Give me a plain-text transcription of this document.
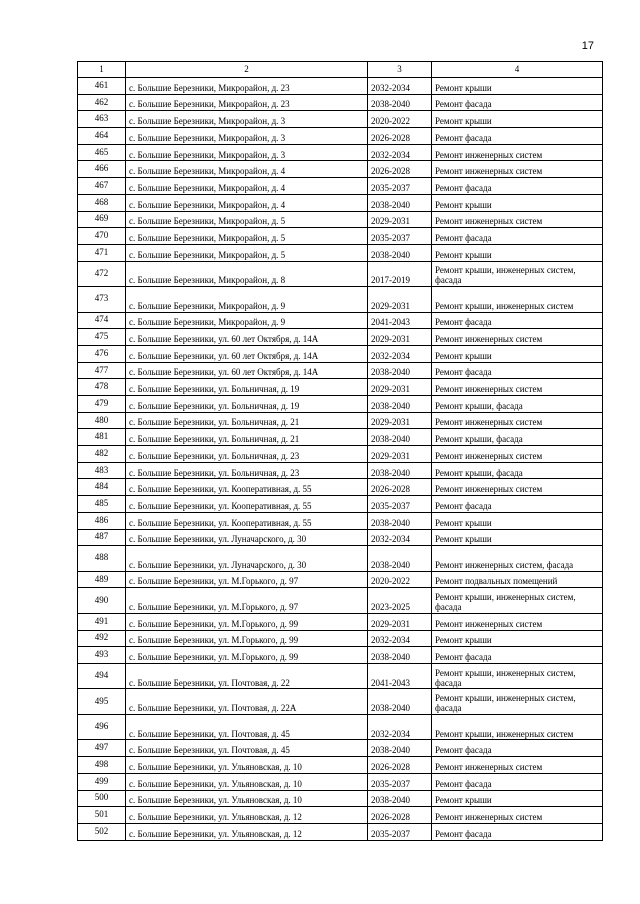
17
1	2	3	4
461	с. Большие Березники, Микрорайон, д. 23	2032-2034	Ремонт крыши
462	с. Большие Березники, Микрорайон, д. 23	2038-2040	Ремонт фасада
463	с. Большие Березники, Микрорайон, д. 3	2020-2022	Ремонт крыши
464	с. Большие Березники, Микрорайон, д. 3	2026-2028	Ремонт фасада
465	с. Большие Березники, Микрорайон, д. 3	2032-2034	Ремонт инженерных систем
466	с. Большие Березники, Микрорайон, д. 4	2026-2028	Ремонт инженерных систем
467	с. Большие Березники, Микрорайон, д. 4	2035-2037	Ремонт фасада
468	с. Большие Березники, Микрорайон, д. 4	2038-2040	Ремонт крыши
469	с. Большие Березники, Микрорайон, д. 5	2029-2031	Ремонт инженерных систем
470	с. Большие Березники, Микрорайон, д. 5	2035-2037	Ремонт фасада
471	с. Большие Березники, Микрорайон, д. 5	2038-2040	Ремонт крыши
472	с. Большие Березники, Микрорайон, д. 8	2017-2019	Ремонт крыши, инженерных систем, фасада
473	с. Большие Березники, Микрорайон, д. 9	2029-2031	Ремонт крыши, инженерных систем
474	с. Большие Березники, Микрорайон, д. 9	2041-2043	Ремонт фасада
475	с. Большие Березники, ул. 60 лет Октября, д. 14А	2029-2031	Ремонт инженерных систем
476	с. Большие Березники, ул. 60 лет Октября, д. 14А	2032-2034	Ремонт крыши
477	с. Большие Березники, ул. 60 лет Октября, д. 14А	2038-2040	Ремонт фасада
478	с. Большие Березники, ул. Больничная, д. 19	2029-2031	Ремонт инженерных систем
479	с. Большие Березники, ул. Больничная, д. 19	2038-2040	Ремонт крыши, фасада
480	с. Большие Березники, ул. Больничная, д. 21	2029-2031	Ремонт инженерных систем
481	с. Большие Березники, ул. Больничная, д. 21	2038-2040	Ремонт крыши, фасада
482	с. Большие Березники, ул. Больничная, д. 23	2029-2031	Ремонт инженерных систем
483	с. Большие Березники, ул. Больничная, д. 23	2038-2040	Ремонт крыши, фасада
484	с. Большие Березники, ул. Кооперативная, д. 55	2026-2028	Ремонт инженерных систем
485	с. Большие Березники, ул. Кооперативная, д. 55	2035-2037	Ремонт фасада
486	с. Большие Березники, ул. Кооперативная, д. 55	2038-2040	Ремонт крыши
487	с. Большие Березники, ул. Луначарского, д. 30	2032-2034	Ремонт крыши
488	с. Большие Березники, ул. Луначарского, д. 30	2038-2040	Ремонт инженерных систем, фасада
489	с. Большие Березники, ул. М.Горького, д. 97	2020-2022	Ремонт подвальных помещений
490	с. Большие Березники, ул. М.Горького, д. 97	2023-2025	Ремонт крыши, инженерных систем, фасада
491	с. Большие Березники, ул. М.Горького, д. 99	2029-2031	Ремонт инженерных систем
492	с. Большие Березники, ул. М.Горького, д. 99	2032-2034	Ремонт крыши
493	с. Большие Березники, ул. М.Горького, д. 99	2038-2040	Ремонт фасада
494	с. Большие Березники, ул. Почтовая, д. 22	2041-2043	Ремонт крыши, инженерных систем, фасада
495	с. Большие Березники, ул. Почтовая, д. 22А	2038-2040	Ремонт крыши, инженерных систем, фасада
496	с. Большие Березники, ул. Почтовая, д. 45	2032-2034	Ремонт крыши, инженерных систем
497	с. Большие Березники, ул. Почтовая, д. 45	2038-2040	Ремонт фасада
498	с. Большие Березники, ул. Ульяновская, д. 10	2026-2028	Ремонт инженерных систем
499	с. Большие Березники, ул. Ульяновская, д. 10	2035-2037	Ремонт фасада
500	с. Большие Березники, ул. Ульяновская, д. 10	2038-2040	Ремонт крыши
501	с. Большие Березники, ул. Ульяновская, д. 12	2026-2028	Ремонт инженерных систем
502	с. Большие Березники, ул. Ульяновская, д. 12	2035-2037	Ремонт фасада
